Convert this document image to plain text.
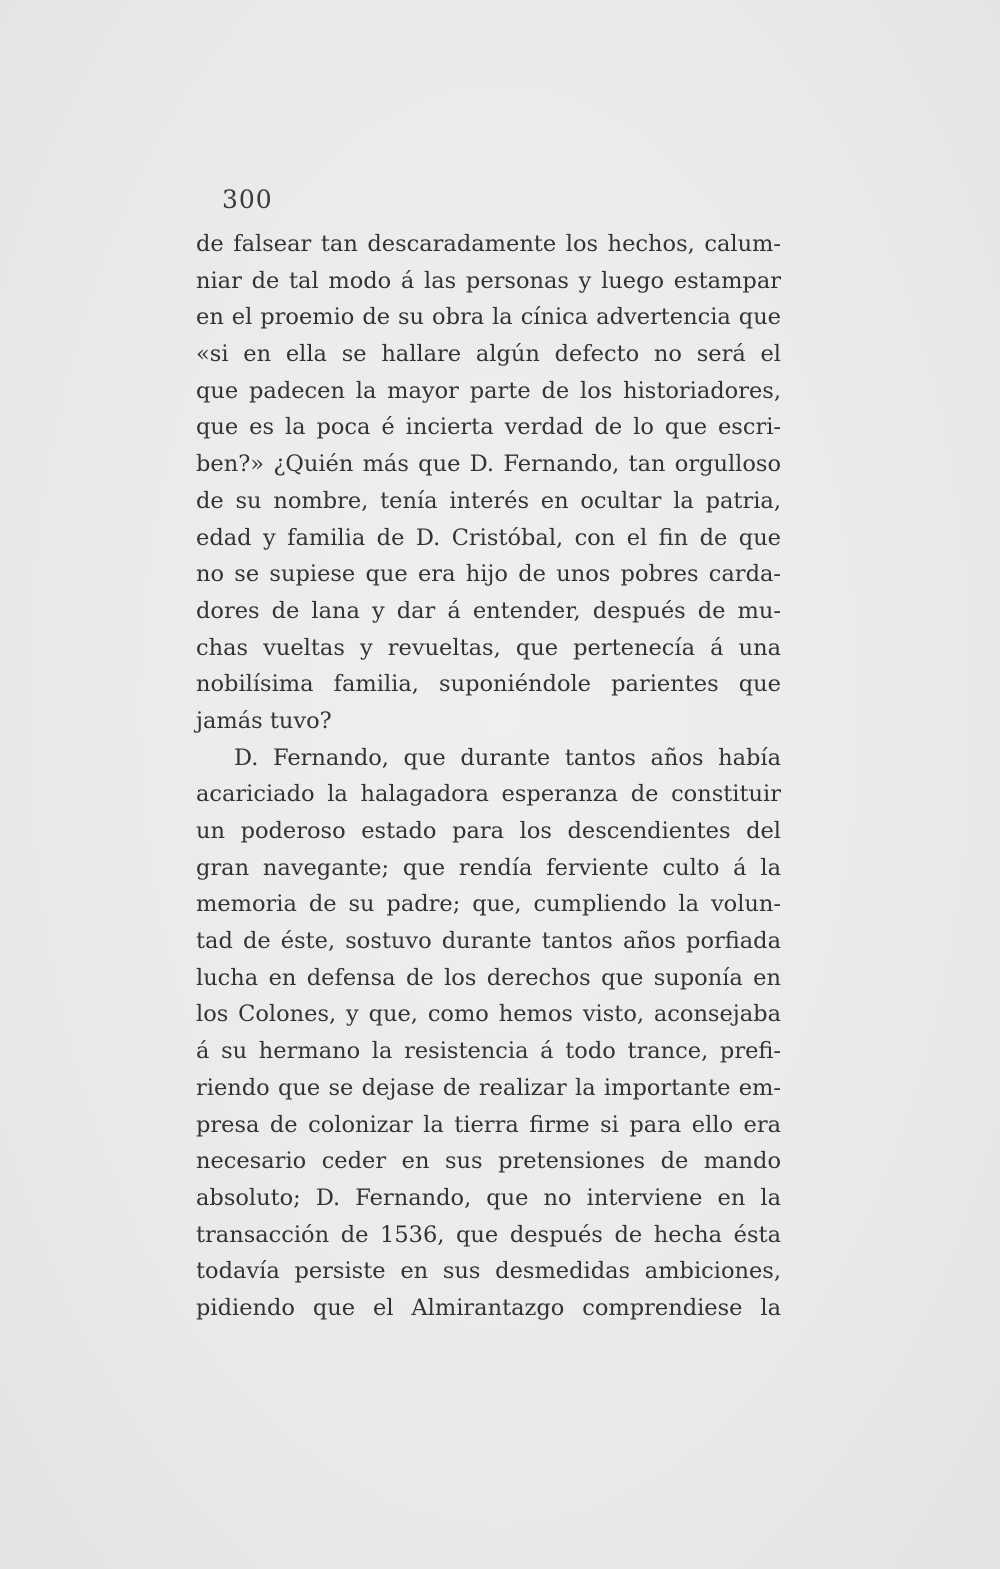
300
de falsear tan descaradamente los hechos, calum-
niar de tal modo á las personas y luego estampar
en el proemio de su obra la cínica advertencia que
«si en ella se hallare algún defecto no será el
que padecen la mayor parte de los historiadores,
que es la poca é incierta verdad de lo que escri-
ben?» ¿Quién más que D. Fernando, tan orgulloso
de su nombre, tenía interés en ocultar la patria,
edad y familia de D. Cristóbal, con el fin de que
no se supiese que era hijo de unos pobres carda-
dores de lana y dar á entender, después de mu-
chas vueltas y revueltas, que pertenecía á una
nobilísima familia, suponiéndole parientes que
jamás tuvo?
D. Fernando, que durante tantos años había
acariciado la halagadora esperanza de constituir
un poderoso estado para los descendientes del
gran navegante; que rendía ferviente culto á la
memoria de su padre; que, cumpliendo la volun-
tad de éste, sostuvo durante tantos años porfiada
lucha en defensa de los derechos que suponía en
los Colones, y que, como hemos visto, aconsejaba
á su hermano la resistencia á todo trance, prefi-
riendo que se dejase de realizar la importante em-
presa de colonizar la tierra firme si para ello era
necesario ceder en sus pretensiones de mando
absoluto; D. Fernando, que no interviene en la
transacción de 1536, que después de hecha ésta
todavía persiste en sus desmedidas ambiciones,
pidiendo que el Almirantazgo comprendiese la
